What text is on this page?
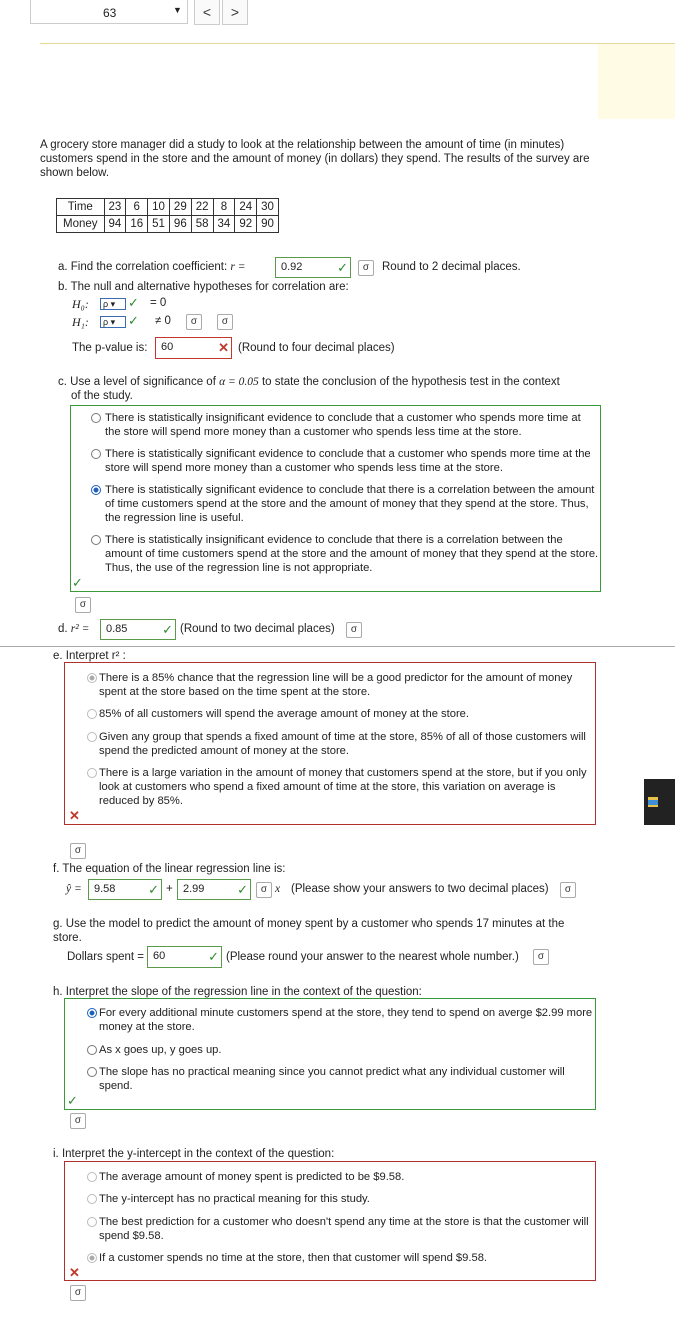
63	▼	<	>
A grocery store manager did a study to look at the relationship between the amount of time (in minutes) customers spend in the store and the amount of money (in dollars) they spend. The results of the survey are shown below.
Time	23	6	10	29	22	8	24	30
Money	94	16	51	96	58	34	92	90
a. Find the correlation coefficient: r =	0.92	✓	σ	Round to 2 decimal places.
b. The null and alternative hypotheses for correlation are:
H₀:	ρ ▾ ✓ = 0
H₁:	ρ ▾ ✓ ≠ 0	σ	σ
The p-value is:	60	✕ (Round to four decimal places)
c. Use a level of significance of α = 0.05 to state the conclusion of the hypothesis test in the context
of the study.
There is statistically insignificant evidence to conclude that a customer who spends more time at the store will spend more money than a customer who spends less time at the store.
There is statistically significant evidence to conclude that a customer who spends more time at the store will spend more money than a customer who spends less time at the store.
There is statistically significant evidence to conclude that there is a correlation between the amount of time customers spend at the store and the amount of money that they spend at the store. Thus, the regression line is useful.
There is statistically insignificant evidence to conclude that there is a correlation between the amount of time customers spend at the store and the amount of money that they spend at the store. Thus, the use of the regression line is not appropriate.
✓
σ
d. r² =	0.85	✓ (Round to two decimal places)	σ
e. Interpret r² :
There is a 85% chance that the regression line will be a good predictor for the amount of money spent at the store based on the time spent at the store.
85% of all customers will spend the average amount of money at the store.
Given any group that spends a fixed amount of time at the store, 85% of all of those customers will spend the predicted amount of money at the store.
There is a large variation in the amount of money that customers spend at the store, but if you only look at customers who spend a fixed amount of time at the store, this variation on average is reduced by 85%.
✕
σ
f. The equation of the linear regression line is:
ŷ =	9.58	✓ + 2.99	✓	σ x (Please show your answers to two decimal places)	σ
g. Use the model to predict the amount of money spent by a customer who spends 17 minutes at the store.
Dollars spent = 60	✓ (Please round your answer to the nearest whole number.)	σ
h. Interpret the slope of the regression line in the context of the question:
For every additional minute customers spend at the store, they tend to spend on averge $2.99 more money at the store.
As x goes up, y goes up.
The slope has no practical meaning since you cannot predict what any individual customer will spend.
✓
σ
i. Interpret the y-intercept in the context of the question:
The average amount of money spent is predicted to be $9.58.
The y-intercept has no practical meaning for this study.
The best prediction for a customer who doesn't spend any time at the store is that the customer will spend $9.58.
If a customer spends no time at the store, then that customer will spend $9.58.
✕
σ
